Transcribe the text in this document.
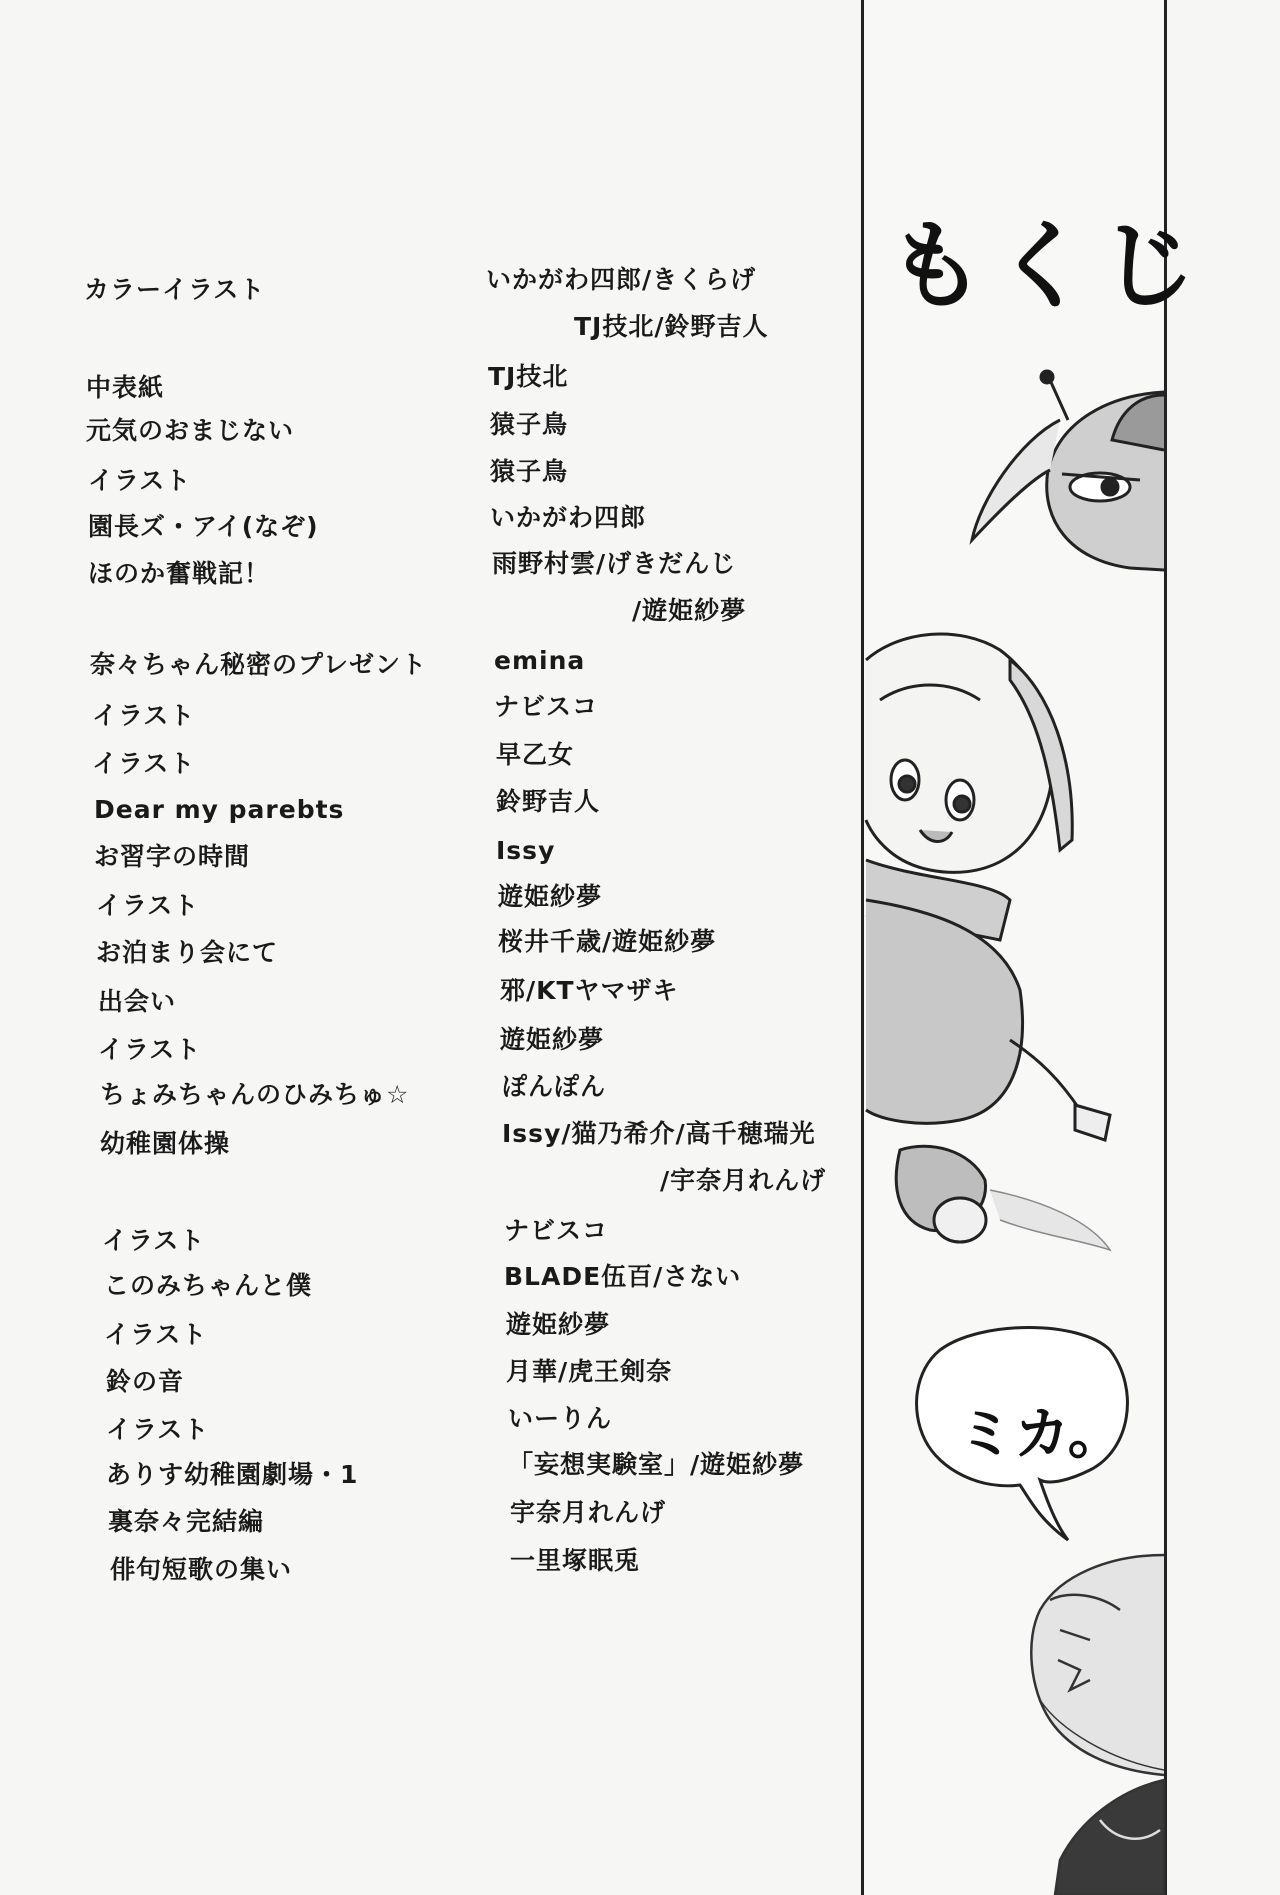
カラーイラスト
中表紙
元気のおまじない
イラスト
園長ズ・アイ(なぞ)
ほのか奮戦記！
奈々ちゃん秘密のプレゼント
イラスト
イラスト
Dear my parebts
お習字の時間
イラスト
お泊まり会にて
出会い
イラスト
ちょみちゃんのひみちゅ☆
幼稚園体操
イラスト
このみちゃんと僕
イラスト
鈴の音
イラスト
ありす幼稚園劇場・1
裏奈々完結編
俳句短歌の集い
いかがわ四郎/きくらげ
TJ技北/鈴野吉人
TJ技北
猿子鳥
猿子鳥
いかがわ四郎
雨野村雲/げきだんじ
/遊姫紗夢
emina
ナビスコ
早乙女
鈴野吉人
Issy
遊姫紗夢
桜井千歳/遊姫紗夢
邪/KTヤマザキ
遊姫紗夢
ぽんぽん
Issy/猫乃希介/高千穂瑞光
/宇奈月れんげ
ナビスコ
BLADE伍百/さない
遊姫紗夢
月華/虎王剣奈
いーりん
「妄想実験室」/遊姫紗夢
宇奈月れんげ
一里塚眠兎
もくじ
ミカ。
